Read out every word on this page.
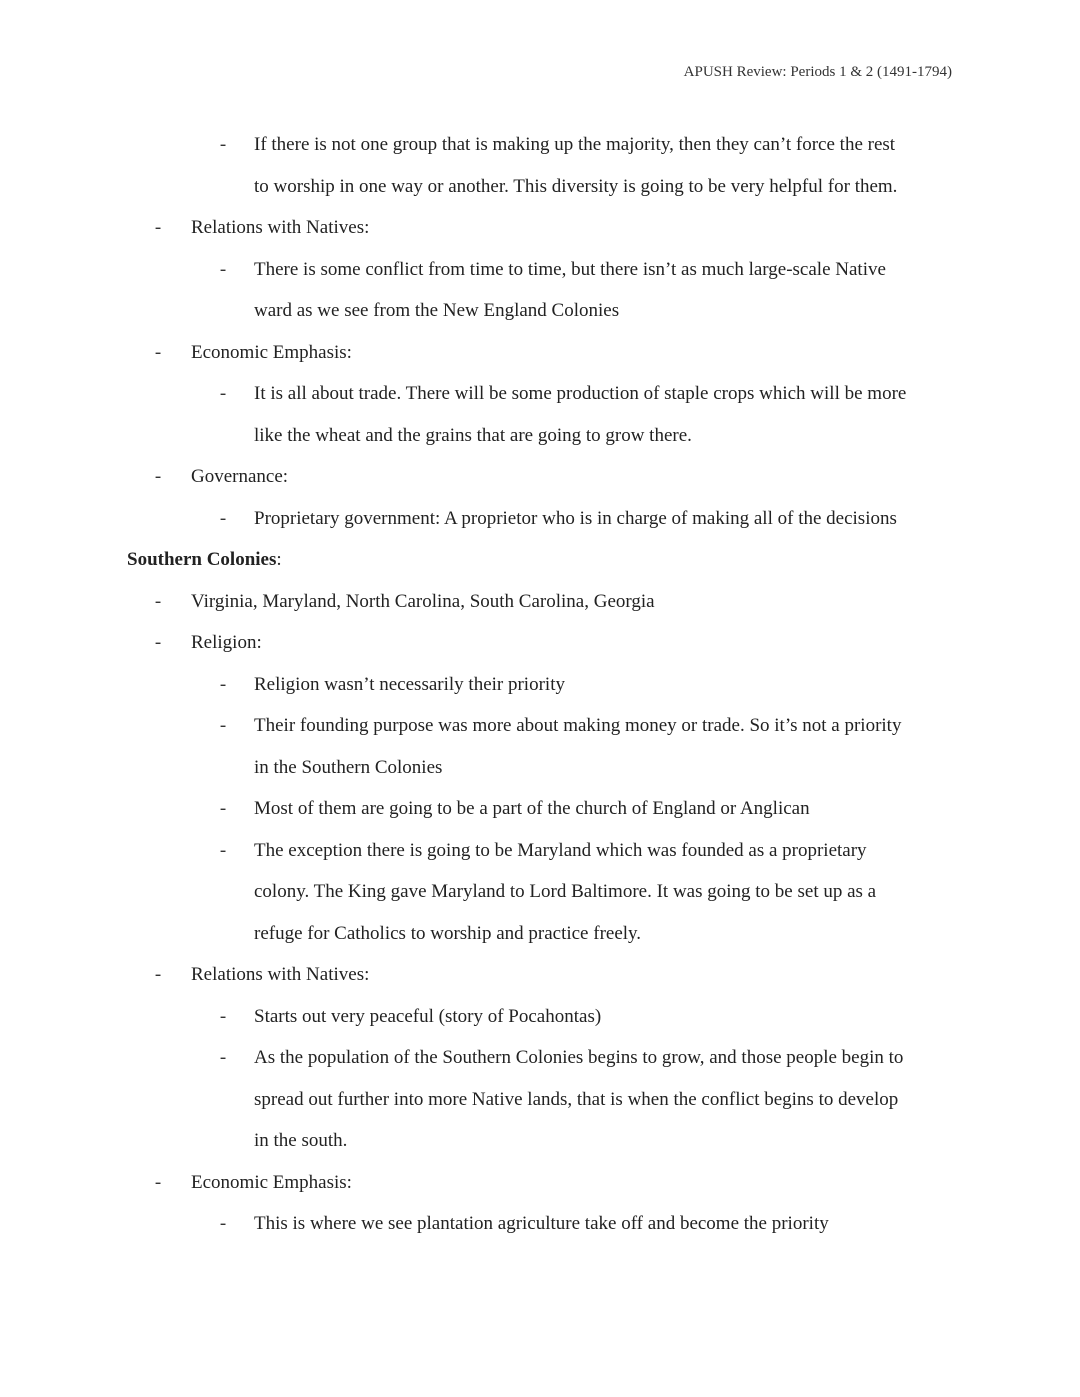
APUSH Review: Periods 1 & 2 (1491-1794)
- If there is not one group that is making up the majority, then they can’t force the rest
to worship in one way or another. This diversity is going to be very helpful for them.
- Relations with Natives:
- There is some conflict from time to time, but there isn’t as much large-scale Native
ward as we see from the New England Colonies
- Economic Emphasis:
- It is all about trade. There will be some production of staple crops which will be more
like the wheat and the grains that are going to grow there.
- Governance:
- Proprietary government: A proprietor who is in charge of making all of the decisions
Southern Colonies:
- Virginia, Maryland, North Carolina, South Carolina, Georgia
- Religion:
- Religion wasn’t necessarily their priority
- Their founding purpose was more about making money or trade. So it’s not a priority
in the Southern Colonies
- Most of them are going to be a part of the church of England or Anglican
- The exception there is going to be Maryland which was founded as a proprietary
colony. The King gave Maryland to Lord Baltimore. It was going to be set up as a
refuge for Catholics to worship and practice freely.
- Relations with Natives:
- Starts out very peaceful (story of Pocahontas)
- As the population of the Southern Colonies begins to grow, and those people begin to
spread out further into more Native lands, that is when the conflict begins to develop
in the south.
- Economic Emphasis:
- This is where we see plantation agriculture take off and become the priority
